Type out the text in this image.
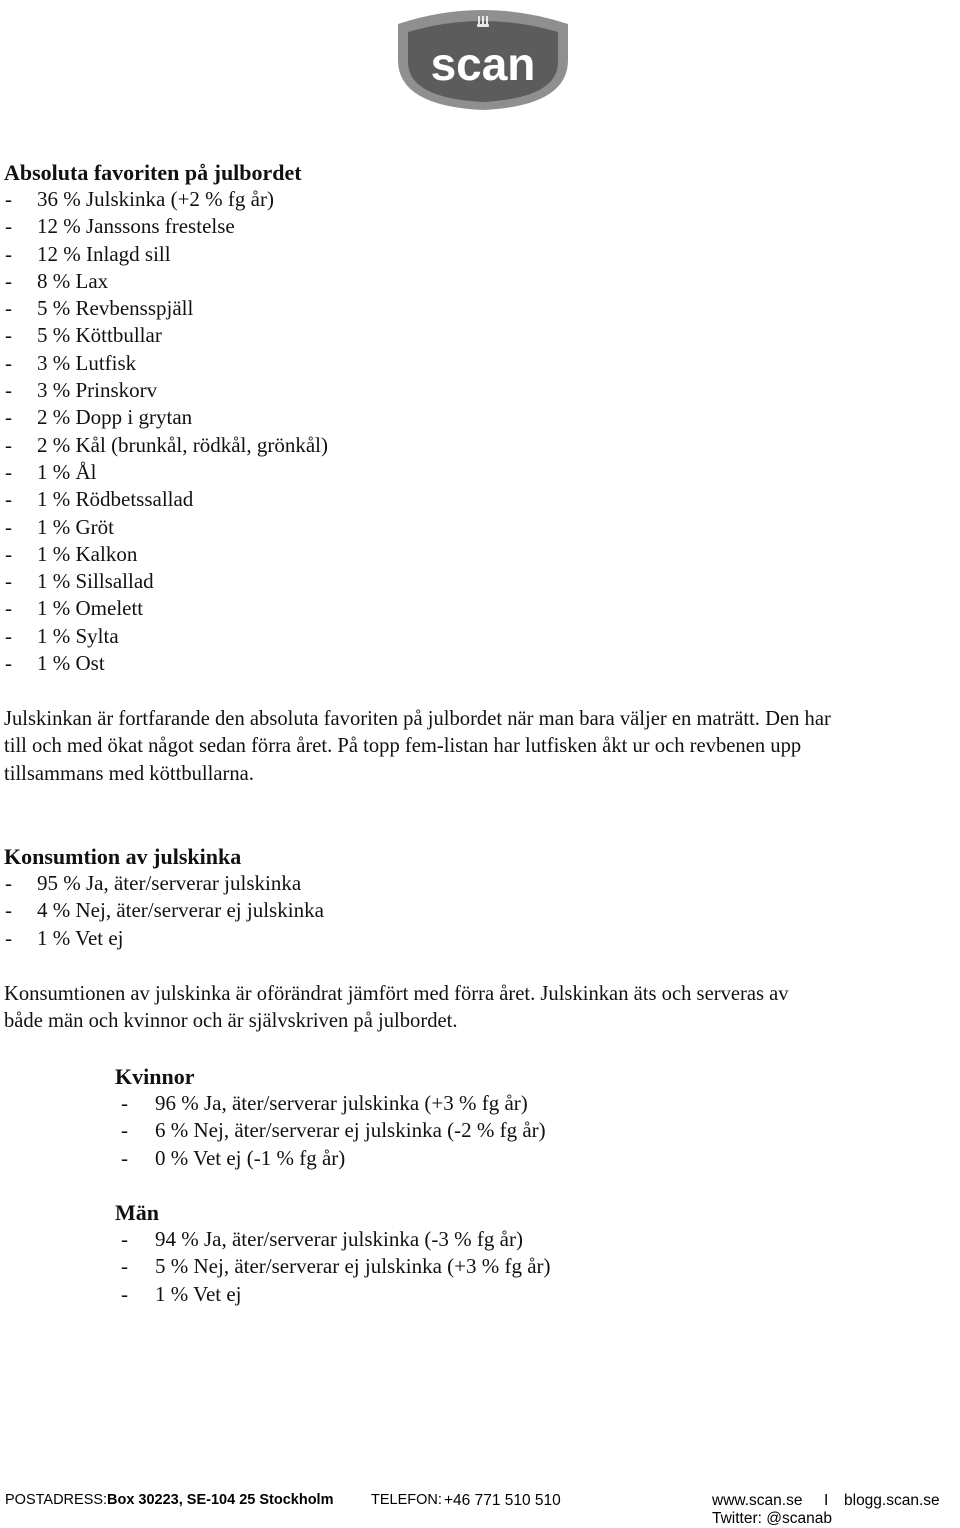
scan
Absoluta favoriten på julbordet
- 36 % Julskinka (+2 % fg år)
- 12 % Janssons frestelse
- 12 % Inlagd sill
- 8 % Lax
- 5 % Revbensspjäll
- 5 % Köttbullar
- 3 % Lutfisk
- 3 % Prinskorv
- 2 % Dopp i grytan
- 2 % Kål (brunkål, rödkål, grönkål)
- 1 % Ål
- 1 % Rödbetssallad
- 1 % Gröt
- 1 % Kalkon
- 1 % Sillsallad
- 1 % Omelett
- 1 % Sylta
- 1 % Ost
Julskinkan är fortfarande den absoluta favoriten på julbordet när man bara väljer en maträtt. Den har
till och med ökat något sedan förra året. På topp fem-listan har lutfisken åkt ur och revbenen upp
tillsammans med köttbullarna.
Konsumtion av julskinka
- 95 % Ja, äter/serverar julskinka
- 4 % Nej, äter/serverar ej julskinka
- 1 % Vet ej
Konsumtionen av julskinka är oförändrat jämfört med förra året. Julskinkan äts och serveras av
både män och kvinnor och är självskriven på julbordet.
Kvinnor
- 96 % Ja, äter/serverar julskinka (+3 % fg år)
- 6 % Nej, äter/serverar ej julskinka (-2 % fg år)
- 0 % Vet ej (-1 % fg år)
Män
- 94 % Ja, äter/serverar julskinka (-3 % fg år)
- 5 % Nej, äter/serverar ej julskinka (+3 % fg år)
- 1 % Vet ej
POSTADRESS: Box 30223, SE-104 25 Stockholm	TELEFON: +46 771 510 510	www.scan.se I blogg.scan.se
Twitter: @scanab
